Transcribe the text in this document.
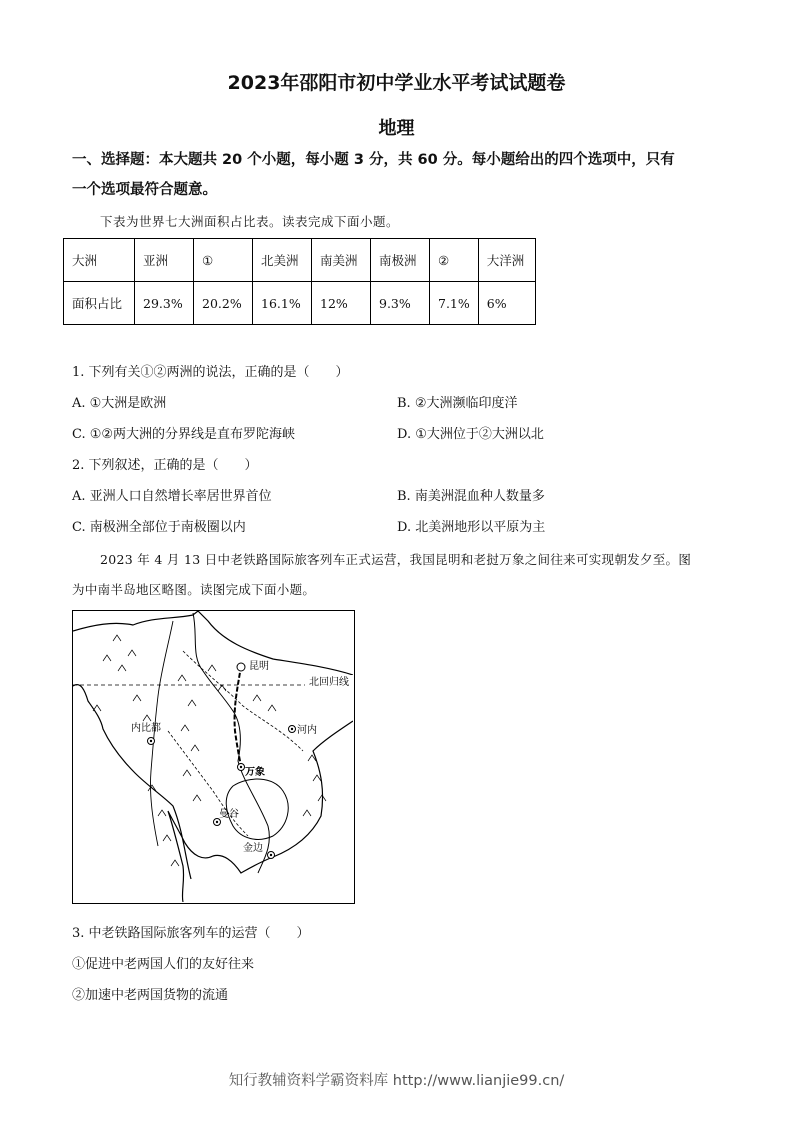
2023年邵阳市初中学业水平考试试题卷
地理
一、选择题：本大题共 20 个小题，每小题 3 分，共 60 分。每小题给出的四个选项中，只有
一个选项最符合题意。
下表为世界七大洲面积占比表。读表完成下面小题。
大洲	亚洲	①	北美洲	南美洲	南极洲	②	大洋洲
面积占比	29.3%	20.2%	16.1%	12%	9.3%	7.1%	6%
1. 下列有关①②两洲的说法，正确的是（　　）
A. ①大洲是欧洲	B. ②大洲濒临印度洋
C. ①②两大洲的分界线是直布罗陀海峡	D. ①大洲位于②大洲以北
2. 下列叙述，正确的是（　　）
A. 亚洲人口自然增长率居世界首位	B. 南美洲混血种人数量多
C. 南极洲全部位于南极圈以内	D. 北美洲地形以平原为主
2023 年 4 月 13 日中老铁路国际旅客列车正式运营，我国昆明和老挝万象之间往来可实现朝发夕至。图
为中南半岛地区略图。读图完成下面小题。
昆明
北回归线
内比都	河内
万象
曼谷
金边
3. 中老铁路国际旅客列车的运营（　　）
①促进中老两国人们的友好往来
②加速中老两国货物的流通
知行教辅资料学霸资料库 http://www.lianjie99.cn/
